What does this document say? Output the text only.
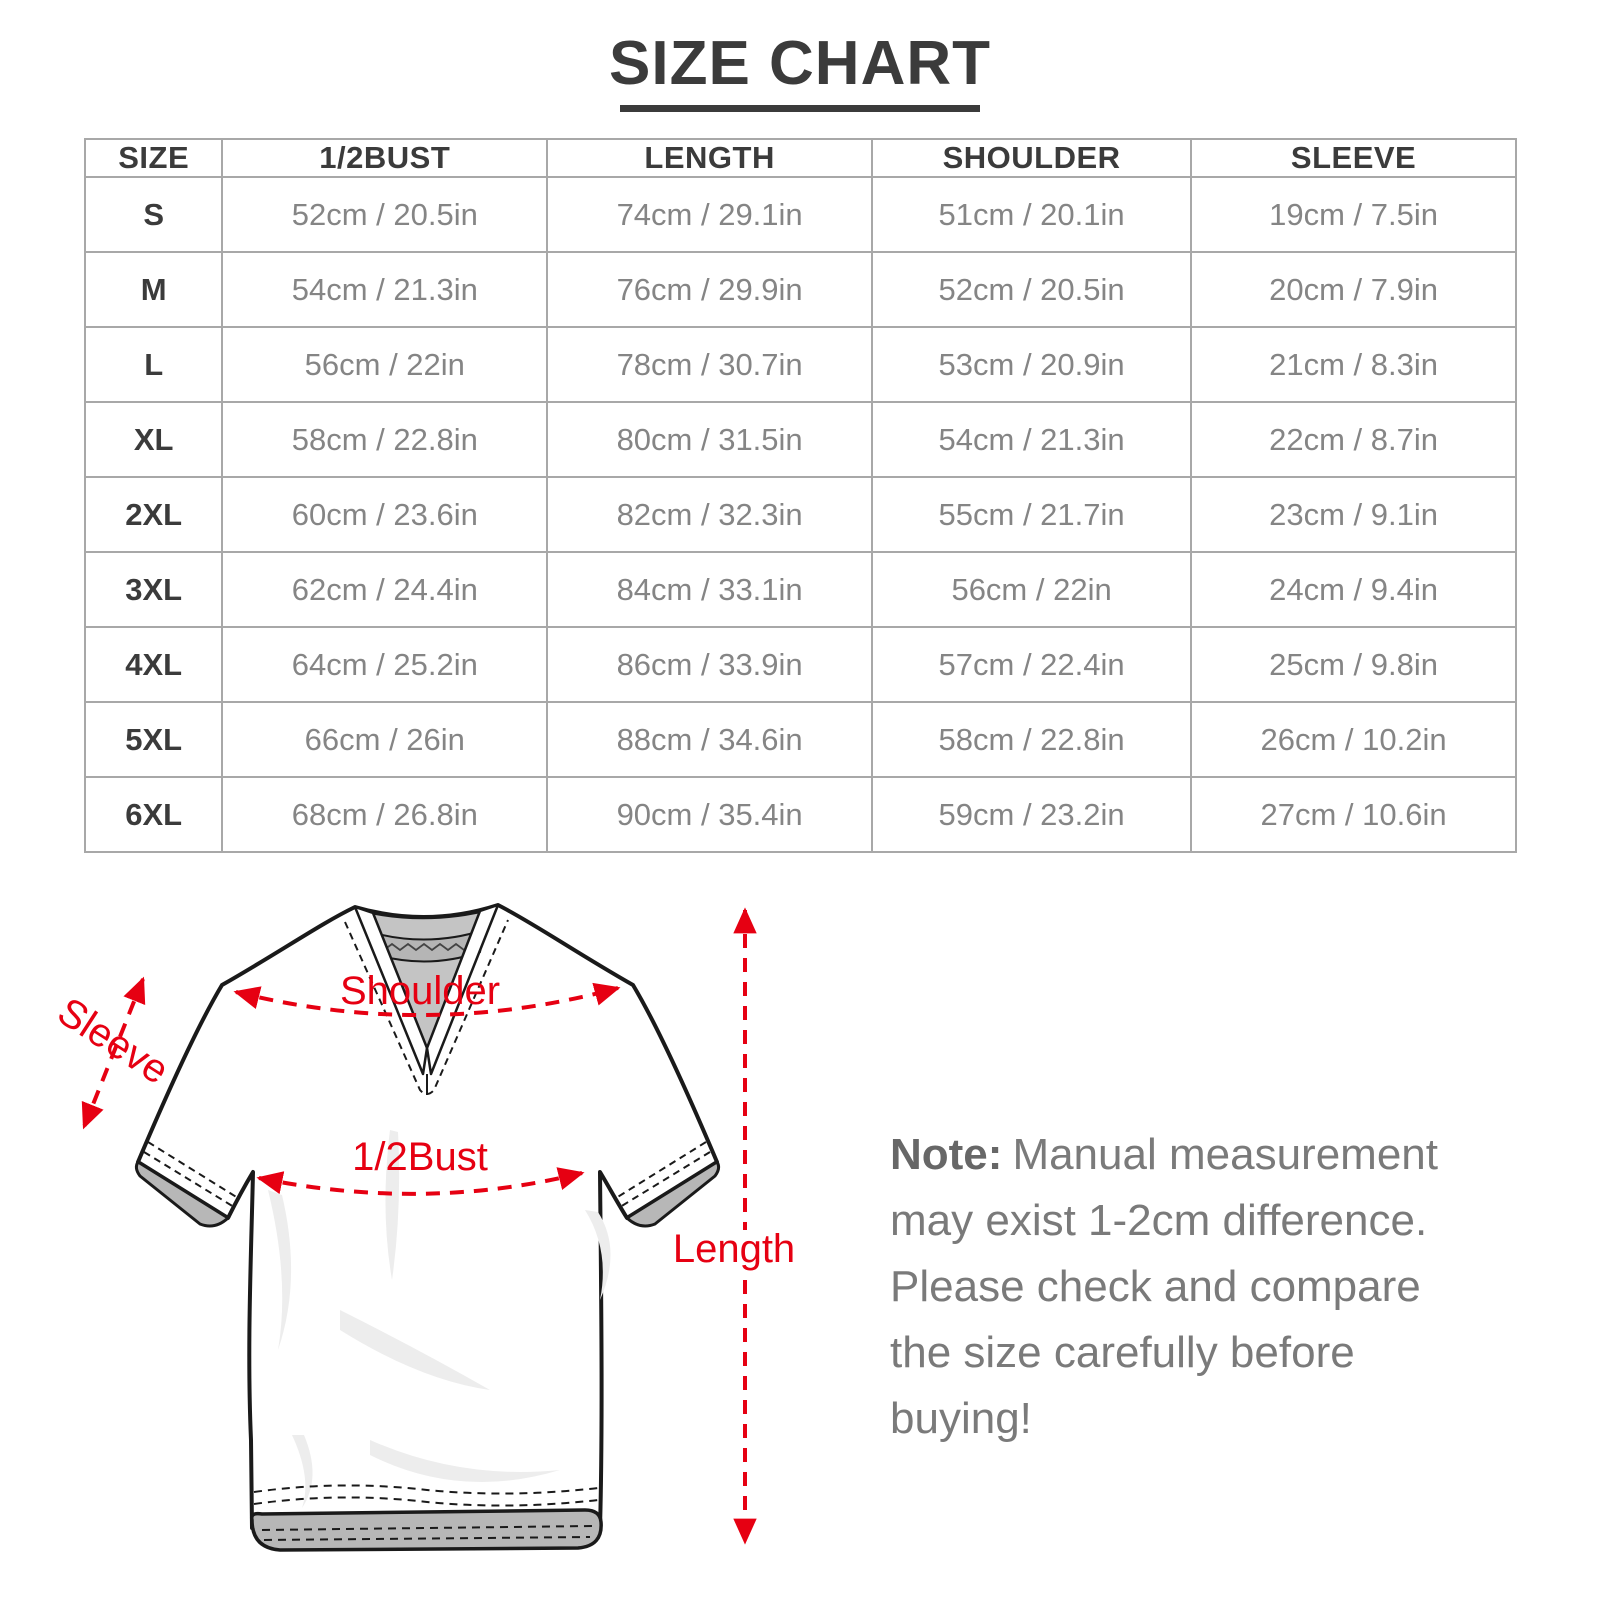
SIZE CHART
SIZE	1/2BUST	LENGTH	SHOULDER	SLEEVE
S	52cm / 20.5in	74cm / 29.1in	51cm / 20.1in	19cm / 7.5in
M	54cm / 21.3in	76cm / 29.9in	52cm / 20.5in	20cm / 7.9in
L	56cm / 22in	78cm / 30.7in	53cm / 20.9in	21cm / 8.3in
XL	58cm / 22.8in	80cm / 31.5in	54cm / 21.3in	22cm / 8.7in
2XL	60cm / 23.6in	82cm / 32.3in	55cm / 21.7in	23cm / 9.1in
3XL	62cm / 24.4in	84cm / 33.1in	56cm / 22in	24cm / 9.4in
4XL	64cm / 25.2in	86cm / 33.9in	57cm / 22.4in	25cm / 9.8in
5XL	66cm / 26in	88cm / 34.6in	58cm / 22.8in	26cm / 10.2in
6XL	68cm / 26.8in	90cm / 35.4in	59cm / 23.2in	27cm / 10.6in
Shoulder
Sleeve
1/2Bust
Length
Note: Manual measurement may exist 1-2cm difference. Please check and compare the size carefully before buying!
